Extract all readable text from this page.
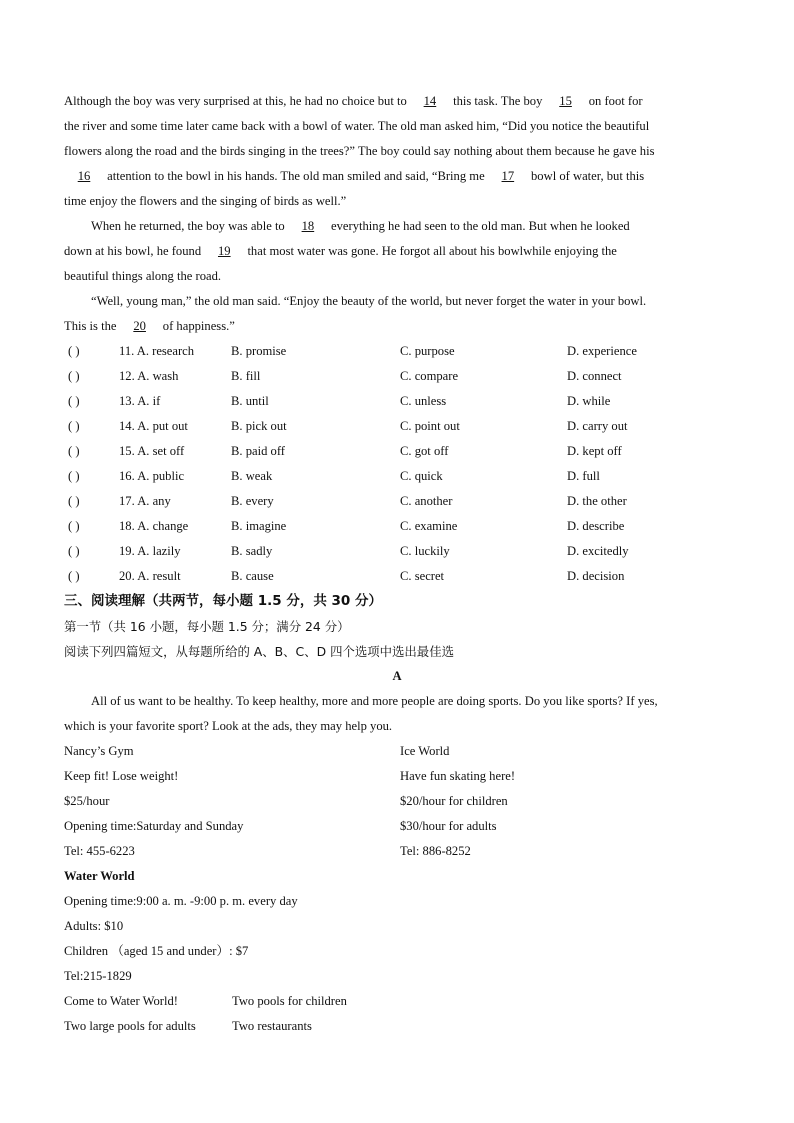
Although the boy was very surprised at this, he had no choice but to 14 this task. The boy 15 on foot for
the river and some time later came back with a bowl of water. The old man asked him, “Did you notice the beautiful
flowers along the road and the birds singing in the trees?” The boy could say nothing about them because he gave his
16 attention to the bowl in his hands. The old man smiled and said, “Bring me 17 bowl of water, but this
time enjoy the flowers and the singing of birds as well.”
When he returned, the boy was able to 18 everything he had seen to the old man. But when he looked
down at his bowl, he found 19 that most water was gone. He forgot all about his bowlwhile enjoying the
beautiful things along the road.
“Well, young man,” the old man said. “Enjoy the beauty of the world, but never forget the water in your bowl.
This is the 20 of happiness.”
( )	11. A. research	B. promise	C. purpose	D. experience
( )	12. A. wash	B. fill	C. compare	D. connect
( )	13. A. if	B. until	C. unless	D. while
( )	14. A. put out	B. pick out	C. point out	D. carry out
( )	15. A. set off	B. paid off	C. got off	D. kept off
( )	16. A. public	B. weak	C. quick	D. full
( )	17. A. any	B. every	C. another	D. the other
( )	18. A. change	B. imagine	C. examine	D. describe
( )	19. A. lazily	B. sadly	C. luckily	D. excitedly
( )	20. A. result	B. cause	C. secret	D. decision
三、阅读理解（共两节，每小题 1.5 分，共 30 分）
第一节（共 16 小题，每小题 1.5 分；满分 24 分）
阅读下列四篇短文，从每题所给的 A、B、C、D 四个选项中选出最佳选
A
All of us want to be healthy. To keep healthy, more and more people are doing sports. Do you like sports? If yes,
which is your favorite sport? Look at the ads, they may help you.
Nancy’s Gym	Ice World
Keep fit! Lose weight!	Have fun skating here!
$25/hour	$20/hour for children
Opening time:Saturday and Sunday	$30/hour for adults
Tel: 455-6223	Tel: 886-8252
Water World
Opening time:9:00 a. m. -9:00 p. m. every day
Adults: $10
Children （aged 15 and under）: $7
Tel:215-1829
Come to Water World!	Two pools for children
Two large pools for adults	Two restaurants
